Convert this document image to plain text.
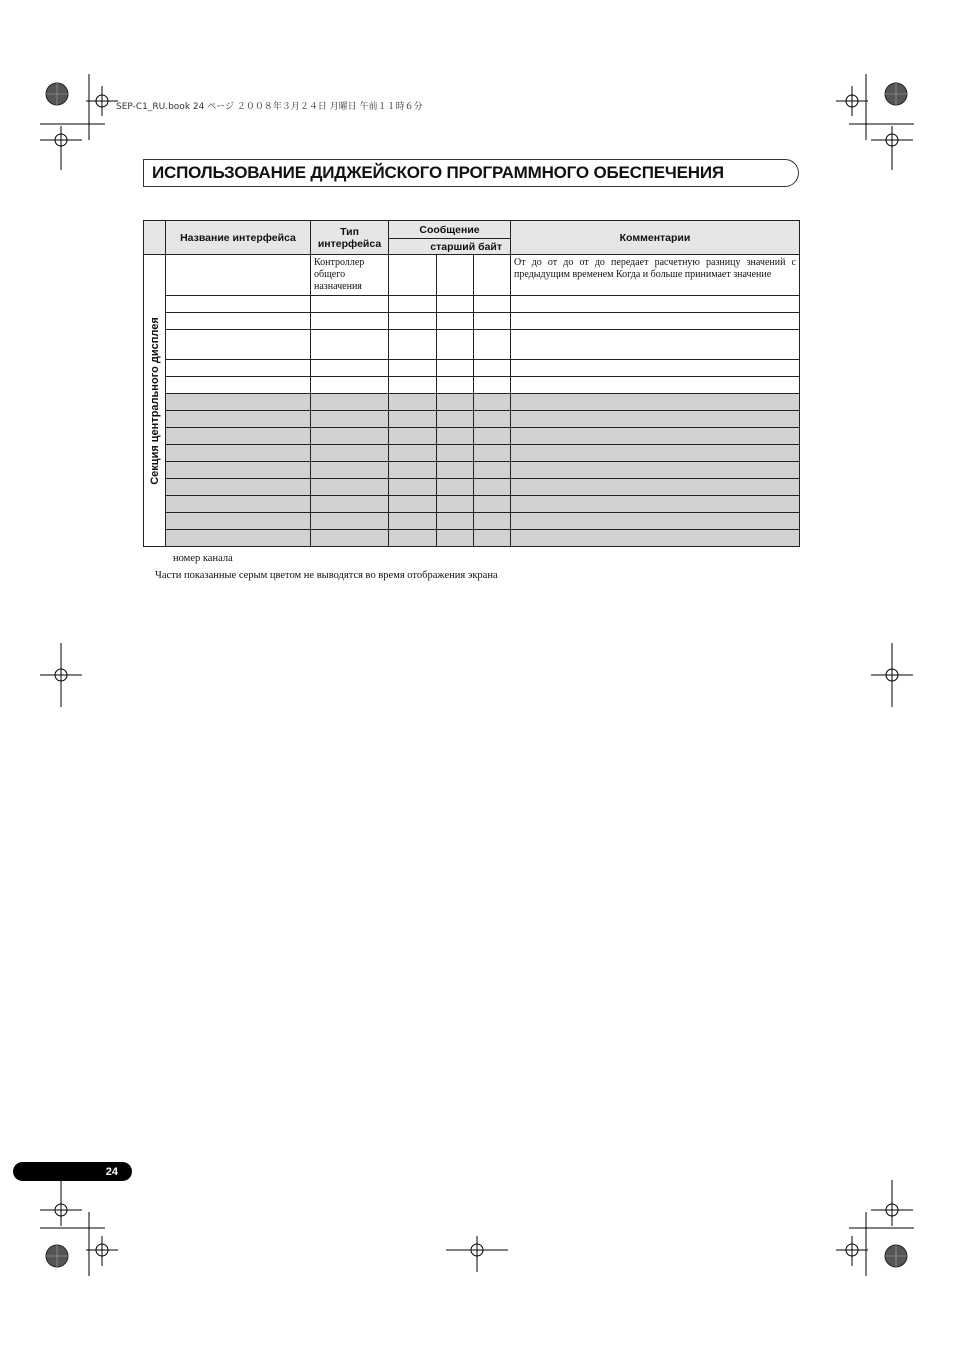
SEP-C1_RU.book 24 ページ ２００８年３月２４日 月曜日 午前１１時６分
ИСПОЛЬЗОВАНИЕ ДИДЖЕЙСКОГО ПРОГРАММНОГО ОБЕСПЕЧЕНИЯ
	Название интерфейса	Тип интерфейса	Сообщение			Комментарии
			старший байт			

Секция центрального дисплея		Контроллер общего назначения				От до от до от до передает расчетную разницу значений с предыдущим временем Когда и больше принимает значение

номер канала
Части показанные серым цветом не выводятся во время отображения экрана
24
